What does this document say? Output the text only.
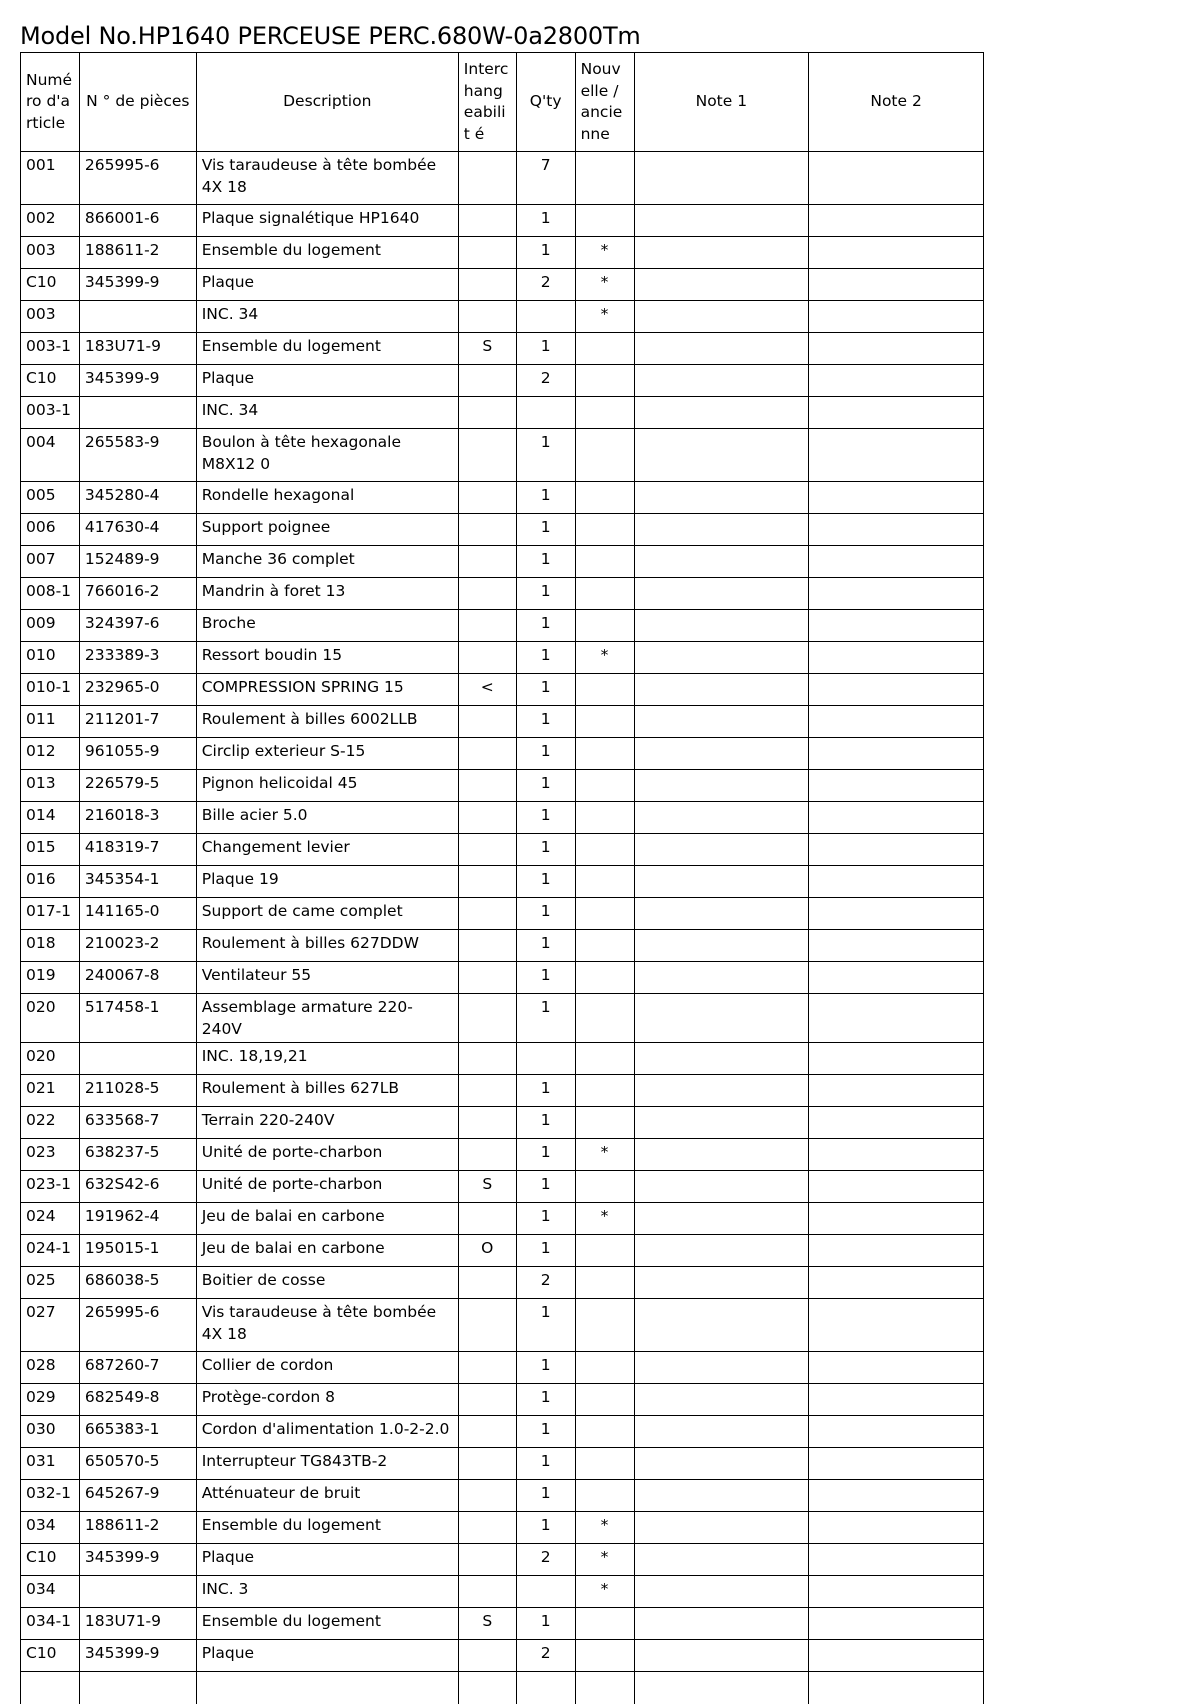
Model No.HP1640 PERCEUSE PERC.680W-0a2800Tm
Numé ro d'a rticle	N ° de pièces	Description	Interc hang eabilit é	Q'ty	Nouv elle / ancie nne	Note 1	Note 2
001	265995-6	Vis taraudeuse à tête bombée 4X 18		7			
002	866001-6	Plaque signalétique HP1640		1			
003	188611-2	Ensemble du logement		1	*		
C10	345399-9	Plaque		2	*		
003		INC. 34			*		
003-1	183U71-9	Ensemble du logement	S	1			
C10	345399-9	Plaque		2			
003-1		INC. 34					
004	265583-9	Boulon à tête hexagonale M8X12 0		1			
005	345280-4	Rondelle hexagonal		1			
006	417630-4	Support poignee		1			
007	152489-9	Manche 36 complet		1			
008-1	766016-2	Mandrin à foret 13		1			
009	324397-6	Broche		1			
010	233389-3	Ressort boudin 15		1	*		
010-1	232965-0	COMPRESSION SPRING 15	<	1			
011	211201-7	Roulement à billes 6002LLB		1			
012	961055-9	Circlip exterieur S-15		1			
013	226579-5	Pignon helicoidal 45		1			
014	216018-3	Bille acier 5.0		1			
015	418319-7	Changement levier		1			
016	345354-1	Plaque 19		1			
017-1	141165-0	Support de came complet		1			
018	210023-2	Roulement à billes 627DDW		1			
019	240067-8	Ventilateur 55		1			
020	517458-1	Assemblage armature 220-240V		1			
020		INC. 18,19,21					
021	211028-5	Roulement à billes 627LB		1			
022	633568-7	Terrain 220-240V		1			
023	638237-5	Unité de porte-charbon		1	*		
023-1	632S42-6	Unité de porte-charbon	S	1			
024	191962-4	Jeu de balai en carbone		1	*		
024-1	195015-1	Jeu de balai en carbone	O	1			
025	686038-5	Boitier de cosse		2			
027	265995-6	Vis taraudeuse à tête bombée 4X 18		1			
028	687260-7	Collier de cordon		1			
029	682549-8	Protège-cordon 8		1			
030	665383-1	Cordon d'alimentation 1.0-2-2.0		1			
031	650570-5	Interrupteur TG843TB-2		1			
032-1	645267-9	Atténuateur de bruit		1			
034	188611-2	Ensemble du logement		1	*		
C10	345399-9	Plaque		2	*		
034		INC. 3			*		
034-1	183U71-9	Ensemble du logement	S	1			
C10	345399-9	Plaque		2			
